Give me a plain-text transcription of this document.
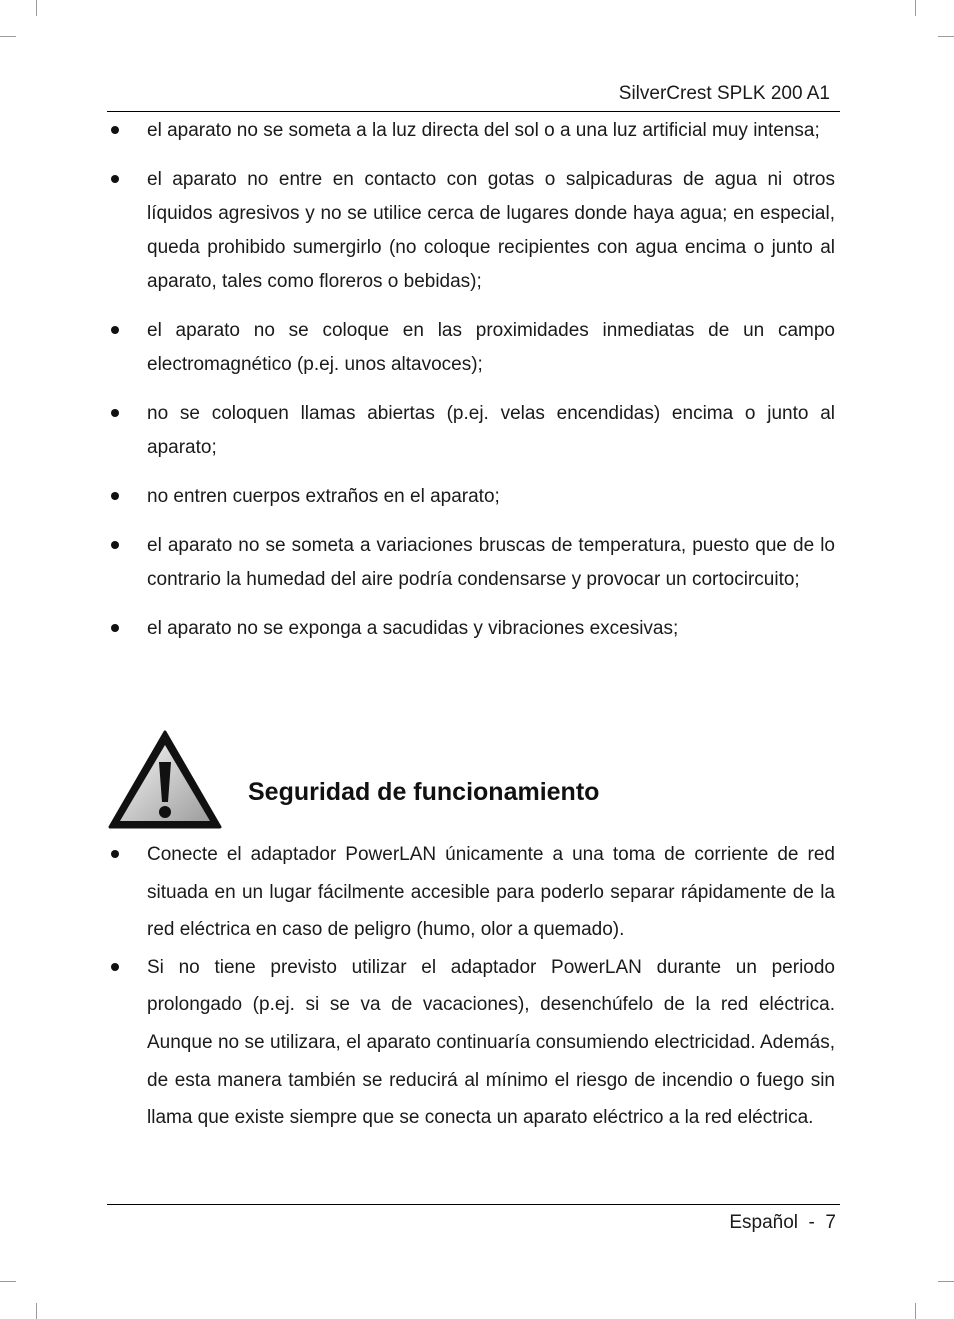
SilverCrest SPLK 200 A1
el aparato no se someta a la luz directa del sol o a una luz artificial muy intensa;
el aparato no entre en contacto con gotas o salpicaduras de agua ni otros líquidos agresivos y no se utilice cerca de lugares donde haya agua; en especial, queda prohibido sumergirlo (no coloque recipientes con agua encima o junto al aparato, tales como floreros o bebidas);
el aparato no se coloque en las proximidades inmediatas de un campo electromagnético (p.ej. unos altavoces);
no se coloquen llamas abiertas (p.ej. velas encendidas) encima o junto al aparato;
no entren cuerpos extraños en el aparato;
el aparato no se someta a variaciones bruscas de temperatura, puesto que de lo contrario la humedad del aire podría condensarse y provocar un cortocircuito;
el aparato no se exponga a sacudidas y vibraciones excesivas;
Seguridad de funcionamiento
Conecte el adaptador PowerLAN únicamente a una toma de corriente de red situada en un lugar fácilmente accesible para poderlo separar rápidamente de la red eléctrica en caso de peligro (humo, olor a quemado).
Si no tiene previsto utilizar el adaptador PowerLAN durante un periodo prolongado (p.ej. si se va de vacaciones), desenchúfelo de la red eléctrica. Aunque no se utilizara, el aparato continuaría consumiendo electricidad. Además, de esta manera también se reducirá al mínimo el riesgo de incendio o fuego sin llama que existe siempre que se conecta un aparato eléctrico a la red eléctrica.
Español  -  7
